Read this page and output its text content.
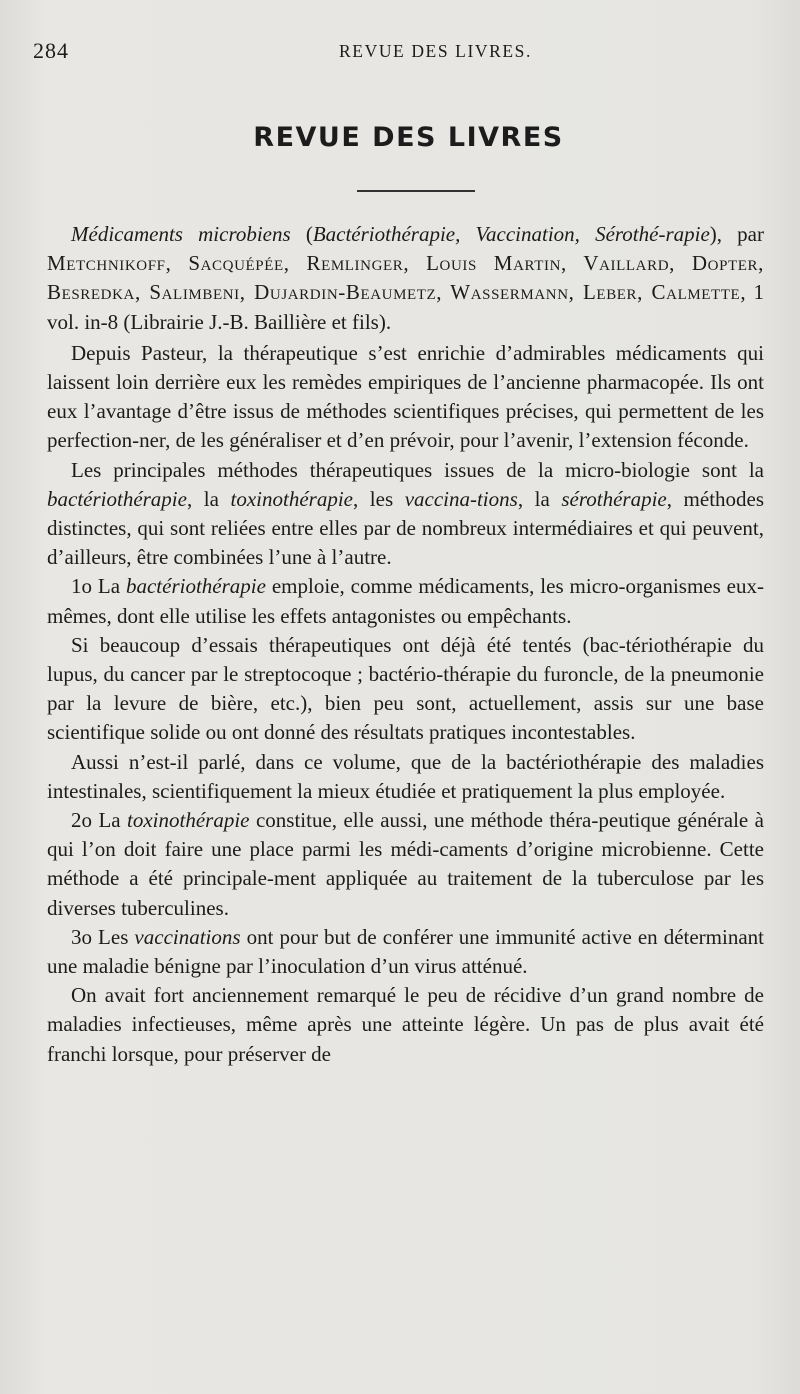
284	REVUE DES LIVRES.
REVUE DES LIVRES

Médicaments microbiens (Bactériothérapie, Vaccination, Sérothé-rapie), par Metchnikoff, Sacquépée, Remlinger, Louis Martin, Vaillard, Dopter, Besredka, Salimbeni, Dujardin-Beaumetz, Wassermann, Leber, Calmette, 1 vol. in-8 (Librairie J.-B. Baillière et fils).

Depuis Pasteur, la thérapeutique s’est enrichie d’admirables médicaments qui laissent loin derrière eux les remèdes empiriques de l’ancienne pharmacopée. Ils ont eux l’avantage d’être issus de méthodes scientifiques précises, qui permettent de les perfection-ner, de les généraliser et d’en prévoir, pour l’avenir, l’extension féconde.

Les principales méthodes thérapeutiques issues de la micro-biologie sont la bactériothérapie, la toxinothérapie, les vaccina-tions, la sérothérapie, méthodes distinctes, qui sont reliées entre elles par de nombreux intermédiaires et qui peuvent, d’ailleurs, être combinées l’une à l’autre.

1o La bactériothérapie emploie, comme médicaments, les micro-organismes eux-mêmes, dont elle utilise les effets antagonistes ou empêchants.

Si beaucoup d’essais thérapeutiques ont déjà été tentés (bac-tériothérapie du lupus, du cancer par le streptocoque ; bactério-thérapie du furoncle, de la pneumonie par la levure de bière, etc.), bien peu sont, actuellement, assis sur une base scientifique solide ou ont donné des résultats pratiques incontestables.

Aussi n’est-il parlé, dans ce volume, que de la bactériothérapie des maladies intestinales, scientifiquement la mieux étudiée et pratiquement la plus employée.

2o La toxinothérapie constitue, elle aussi, une méthode théra-peutique générale à qui l’on doit faire une place parmi les médi-caments d’origine microbienne. Cette méthode a été principale-ment appliquée au traitement de la tuberculose par les diverses tuberculines.

3o Les vaccinations ont pour but de conférer une immunité active en déterminant une maladie bénigne par l’inoculation d’un virus atténué.

On avait fort anciennement remarqué le peu de récidive d’un grand nombre de maladies infectieuses, même après une atteinte légère. Un pas de plus avait été franchi lorsque, pour préserver de
